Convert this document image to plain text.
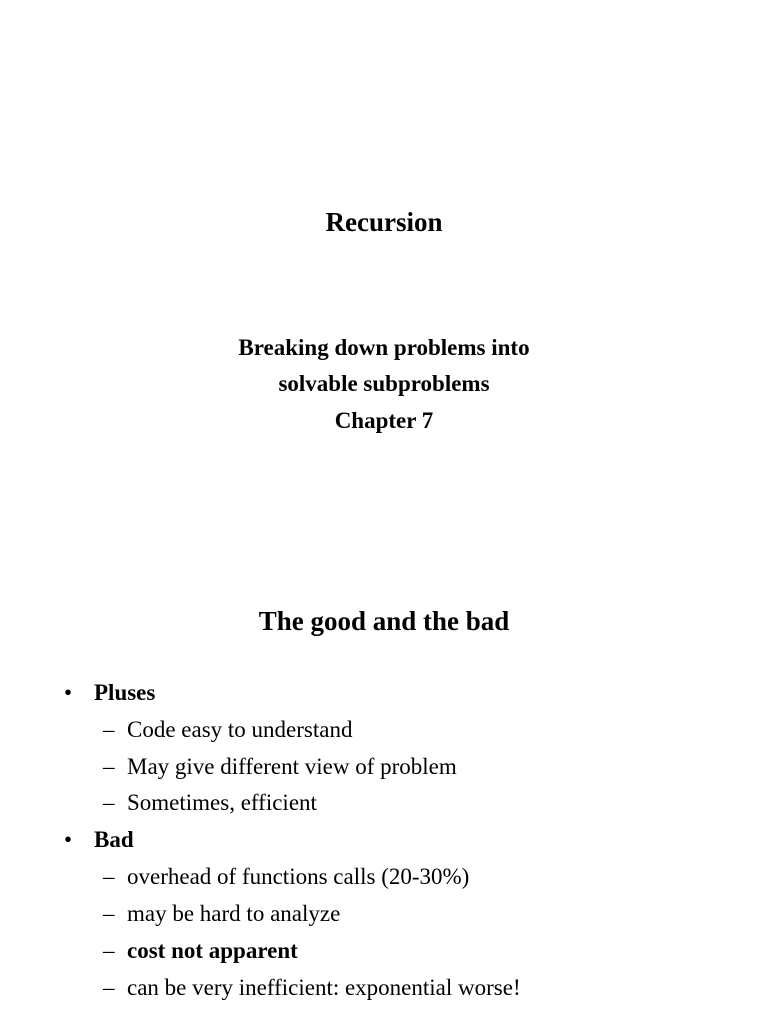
Recursion

Breaking down problems into

solvable subproblems

Chapter 7

The good and the bad
• Pluses
– Code easy to understand
– May give different view of problem
– Sometimes, efficient
• Bad
– overhead of functions calls (20-30%)
– may be hard to analyze
– cost not apparent
– can be very inefficient: exponential worse!
